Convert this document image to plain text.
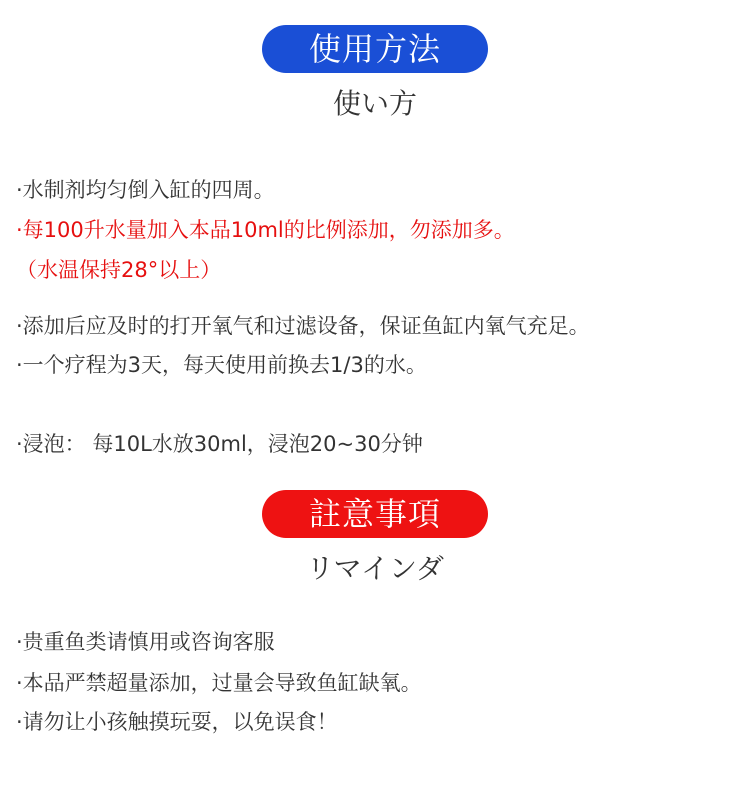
使用方法
使い方
·水制剂均匀倒入缸的四周。
·每100升水量加入本品10ml的比例添加，勿添加多。
（水温保持28°以上）
·添加后应及时的打开氧气和过滤设备，保证鱼缸内氧气充足。
·一个疗程为3天，每天使用前换去1/3的水。
·浸泡： 每10L水放30ml，浸泡20~30分钟
註意事項
リマインダ
·贵重鱼类请慎用或咨询客服
·本品严禁超量添加，过量会导致鱼缸缺氧。
·请勿让小孩触摸玩耍，以免误食！
